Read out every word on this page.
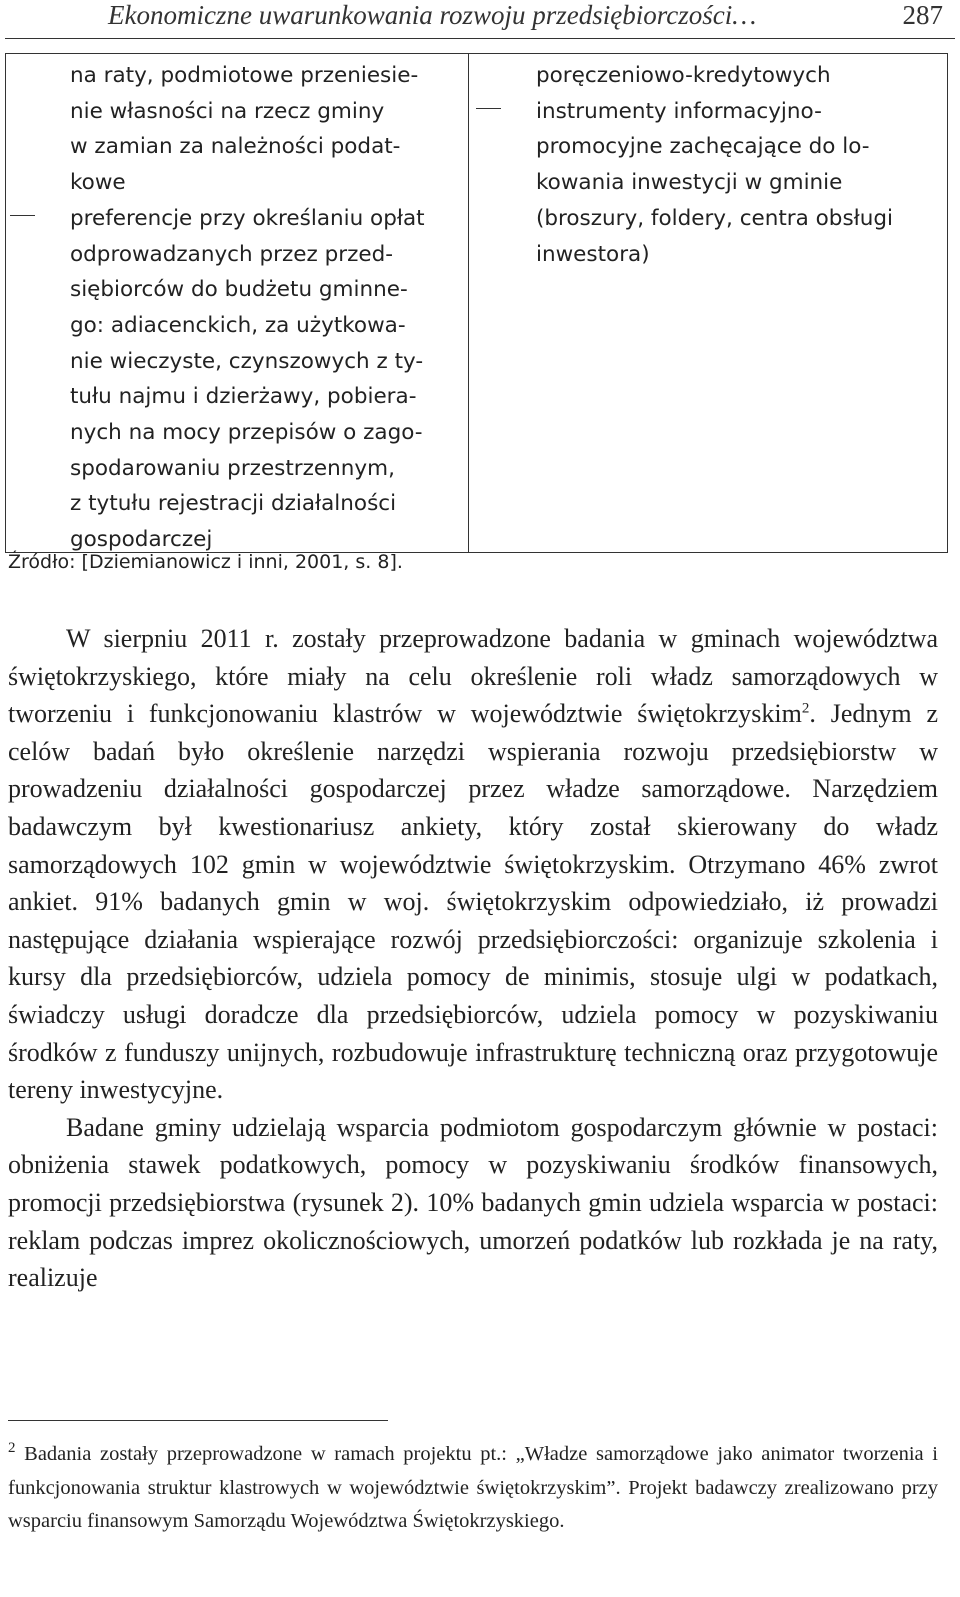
Ekonomiczne uwarunkowania rozwoju przedsiębiorczości…	287
na raty, podmiotowe przeniesie-
nie własności na rzecz gminy
w zamian za należności podat-
kowe
preferencje przy określaniu opłat
odprowadzanych przez przed-
siębiorców do budżetu gminne-
go: adiacenckich, za użytkowa-
nie wieczyste, czynszowych z ty-
tułu najmu i dzierżawy, pobiera-
nych na mocy przepisów o zago-
spodarowaniu przestrzennym,
z tytułu rejestracji działalności
gospodarczej
poręczeniowo-kredytowych
instrumenty informacyjno-
promocyjne zachęcające do lo-
kowania inwestycji w gminie
(broszury, foldery, centra obsługi
inwestora)
Źródło: [Dziemianowicz i inni, 2001, s. 8].

W sierpniu 2011 r. zostały przeprowadzone badania w gminach województwa świętokrzyskiego, które miały na celu określenie roli władz samorządowych w tworzeniu i funkcjonowaniu klastrów w województwie świętokrzyskim$^2$. Jednym z celów badań było określenie narzędzi wspierania rozwoju przedsiębiorstw w prowadzeniu działalności gospodarczej przez władze samorządowe. Narzędziem badawczym był kwestionariusz ankiety, który został skierowany do władz samorządowych 102 gmin w województwie świętokrzyskim. Otrzymano 46% zwrot ankiet. 91% badanych gmin w woj. świętokrzyskim odpowiedziało, iż prowadzi następujące działania wspierające rozwój przedsiębiorczości: organizuje szkolenia i kursy dla przedsiębiorców, udziela pomocy de minimis, stosuje ulgi w podatkach, świadczy usługi doradcze dla przedsiębiorców, udziela pomocy w pozyskiwaniu środków z funduszy unijnych, rozbudowuje infrastrukturę techniczną oraz przygotowuje tereny inwestycyjne.

Badane gminy udzielają wsparcia podmiotom gospodarczym głównie w postaci: obniżenia stawek podatkowych, pomocy w pozyskiwaniu środków finansowych, promocji przedsiębiorstwa (rysunek 2). 10% badanych gmin udziela wsparcia w postaci: reklam podczas imprez okolicznościowych, umorzeń podatków lub rozkłada je na raty, realizuje

$^2$ Badania zostały przeprowadzone w ramach projektu pt.: „Władze samorządowe jako animator tworzenia i funkcjonowania struktur klastrowych w województwie świętokrzyskim”. Projekt badawczy zrealizowano przy wsparciu finansowym Samorządu Województwa Świętokrzyskiego.
